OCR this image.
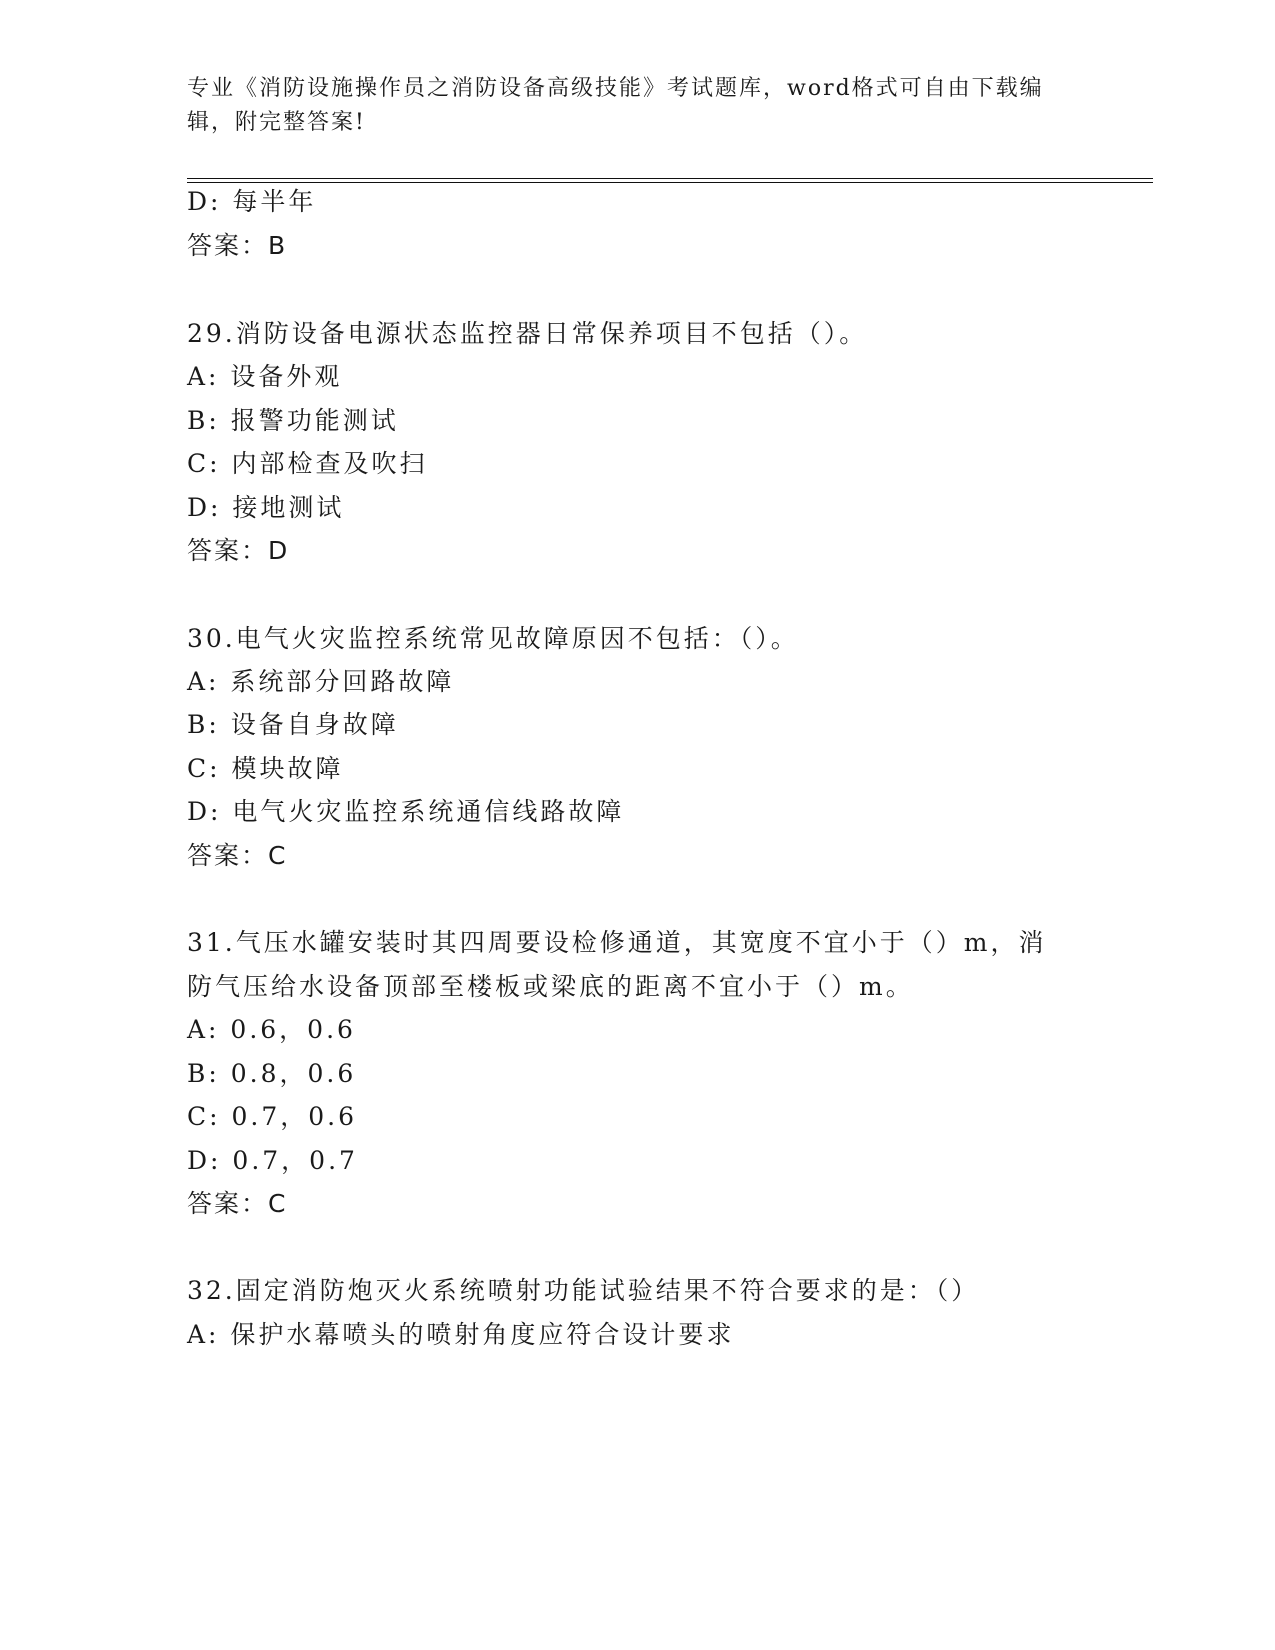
专业《消防设施操作员之消防设备高级技能》考试题库，word格式可自由下载编
辑，附完整答案!
D: 每半年
答案：B
29.消防设备电源状态监控器日常保养项目不包括（）。
A: 设备外观
B: 报警功能测试
C: 内部检查及吹扫
D: 接地测试
答案：D
30.电气火灾监控系统常见故障原因不包括：（）。
A: 系统部分回路故障
B: 设备自身故障
C: 模块故障
D: 电气火灾监控系统通信线路故障
答案：C
31.气压水罐安装时其四周要设检修通道，其宽度不宜小于（）m，消
防气压给水设备顶部至楼板或梁底的距离不宜小于（）m。
A: 0.6，0.6
B: 0.8，0.6
C: 0.7，0.6
D: 0.7，0.7
答案：C
32.固定消防炮灭火系统喷射功能试验结果不符合要求的是：（）
A: 保护水幕喷头的喷射角度应符合设计要求
